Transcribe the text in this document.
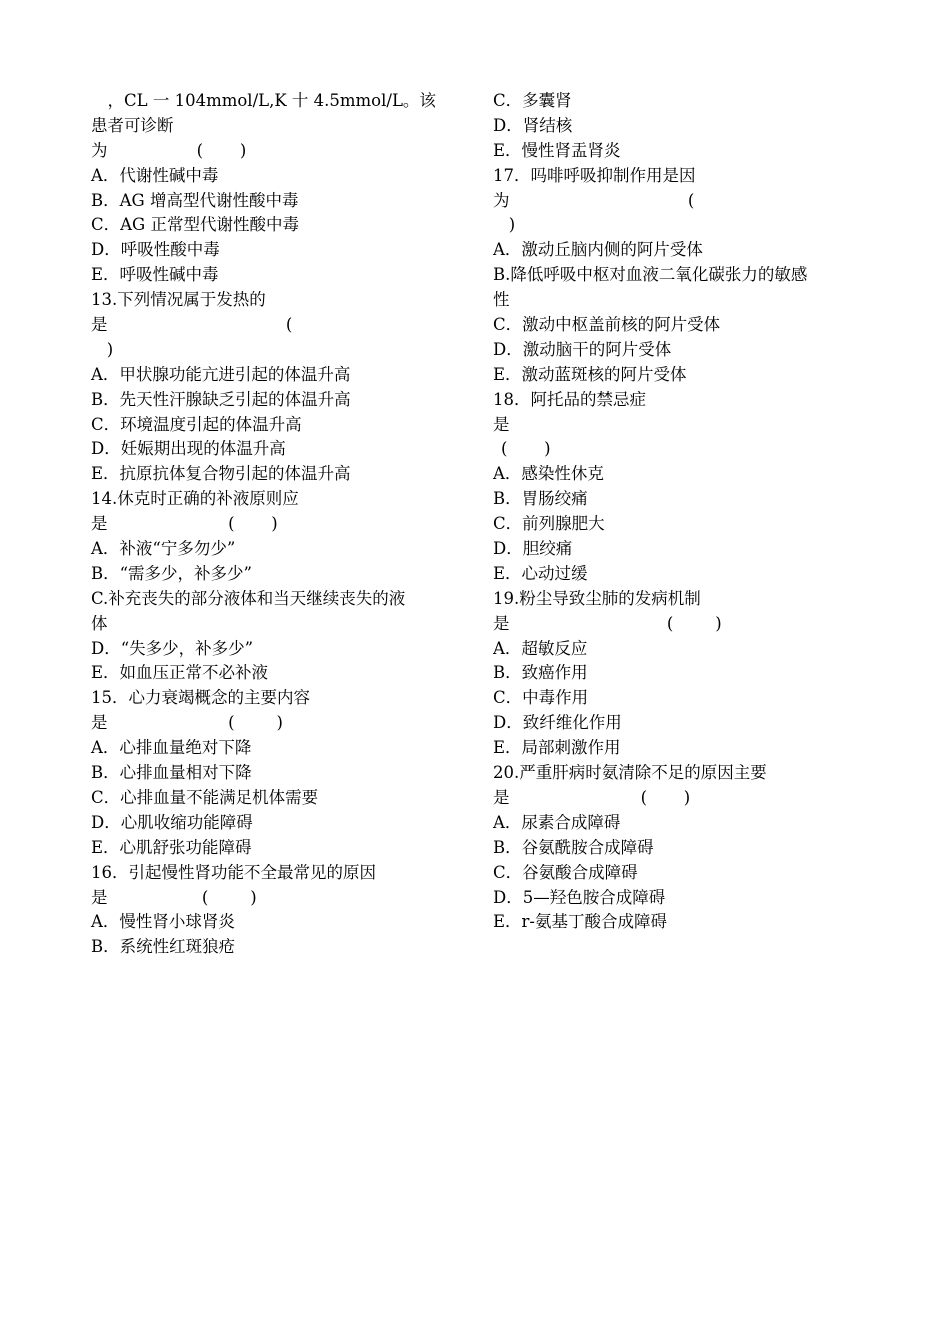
　，CL 一 104mmol/L,K 十 4.5mmol/L。该
患者可诊断
为                 (       )
A．代谢性碱中毒
B．AG 增高型代谢性酸中毒
C．AG 正常型代谢性酸中毒
D．呼吸性酸中毒
E．呼吸性碱中毒
13.下列情况属于发热的
是                                  (
)
A．甲状腺功能亢进引起的体温升高
B．先天性汗腺缺乏引起的体温升高
C．环境温度引起的体温升高
D．妊娠期出现的体温升高
E．抗原抗体复合物引起的体温升高
14.休克时正确的补液原则应
是                       (       )
A．补液“宁多勿少”
B．“需多少，补多少”
C.补充丧失的部分液体和当天继续丧失的液
体
D．“失多少，补多少”
E．如血压正常不必补液
15．心力衰竭概念的主要内容
是                       (        )
A．心排血量绝对下降
B．心排血量相对下降
C．心排血量不能满足机体需要
D．心肌收缩功能障碍
E．心肌舒张功能障碍
16．引起慢性肾功能不全最常见的原因
是                  (        )
A．慢性肾小球肾炎
B．系统性红斑狼疮
C．多囊肾
D．肾结核
E．慢性肾盂肾炎
17．吗啡呼吸抑制作用是因
为                                  (
)
A．激动丘脑内侧的阿片受体
B.降低呼吸中枢对血液二氧化碳张力的敏感
性
C．激动中枢盖前核的阿片受体
D．激动脑干的阿片受体
E．激动蓝斑核的阿片受体
18．阿托品的禁忌症
是
(       )
A．感染性休克
B．胃肠绞痛
C．前列腺肥大
D．胆绞痛
E．心动过缓
19.粉尘导致尘肺的发病机制
是                              (        )
A．超敏反应
B．致癌作用
C．中毒作用
D．致纤维化作用
E．局部刺激作用
20.严重肝病时氨清除不足的原因主要
是                         (       )
A．尿素合成障碍
B．谷氨酰胺合成障碍
C．谷氨酸合成障碍
D．5—羟色胺合成障碍
E．r-氨基丁酸合成障碍
